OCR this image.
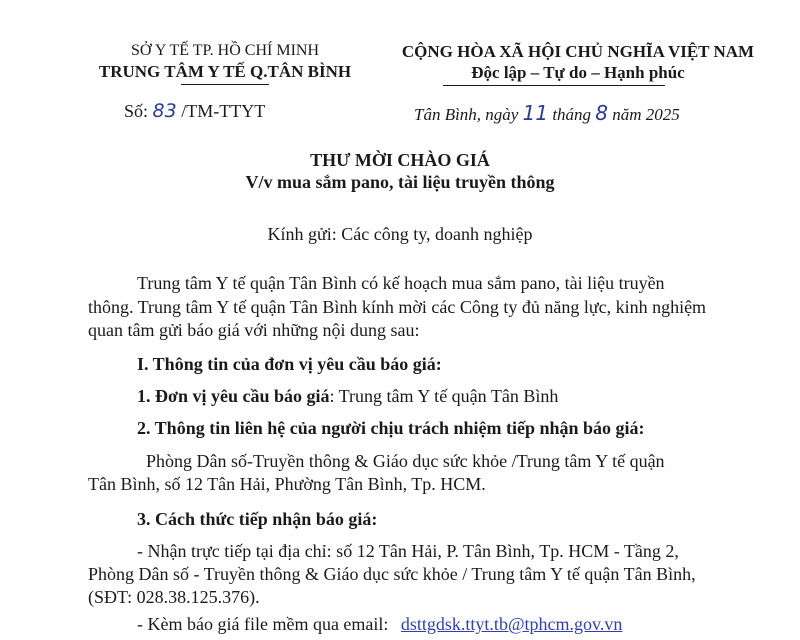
SỞ Y TẾ TP. HỒ CHÍ MINH
TRUNG TÂM Y TẾ Q.TÂN BÌNH
CỘNG HÒA XÃ HỘI CHỦ NGHĨA VIỆT NAM
Độc lập – Tự do – Hạnh phúc
Số: 83 /TM-TTYT	Tân Bình, ngày 11 tháng 8 năm 2025
THƯ MỜI CHÀO GIÁ
V/v mua sắm pano, tài liệu truyền thông
Kính gửi: Các công ty, doanh nghiệp
Trung tâm Y tế quận Tân Bình có kế hoạch mua sắm pano, tài liệu truyền
thông. Trung tâm Y tế quận Tân Bình kính mời các Công ty đủ năng lực, kinh nghiệm
quan tâm gửi báo giá với những nội dung sau:
I. Thông tin của đơn vị yêu cầu báo giá:
1. Đơn vị yêu cầu báo giá: Trung tâm Y tế quận Tân Bình
2. Thông tin liên hệ của người chịu trách nhiệm tiếp nhận báo giá:
Phòng Dân số-Truyền thông & Giáo dục sức khỏe /Trung tâm Y tế quận
Tân Bình, số 12 Tân Hải, Phường Tân Bình, Tp. HCM.
3. Cách thức tiếp nhận báo giá:
- Nhận trực tiếp tại địa chỉ: số 12 Tân Hải, P. Tân Bình, Tp. HCM - Tầng 2,
Phòng Dân số - Truyền thông & Giáo dục sức khỏe / Trung tâm Y tế quận Tân Bình,
(SĐT: 028.38.125.376).
- Kèm báo giá file mềm qua email: dsttgdsk.ttyt.tb@tphcm.gov.vn
